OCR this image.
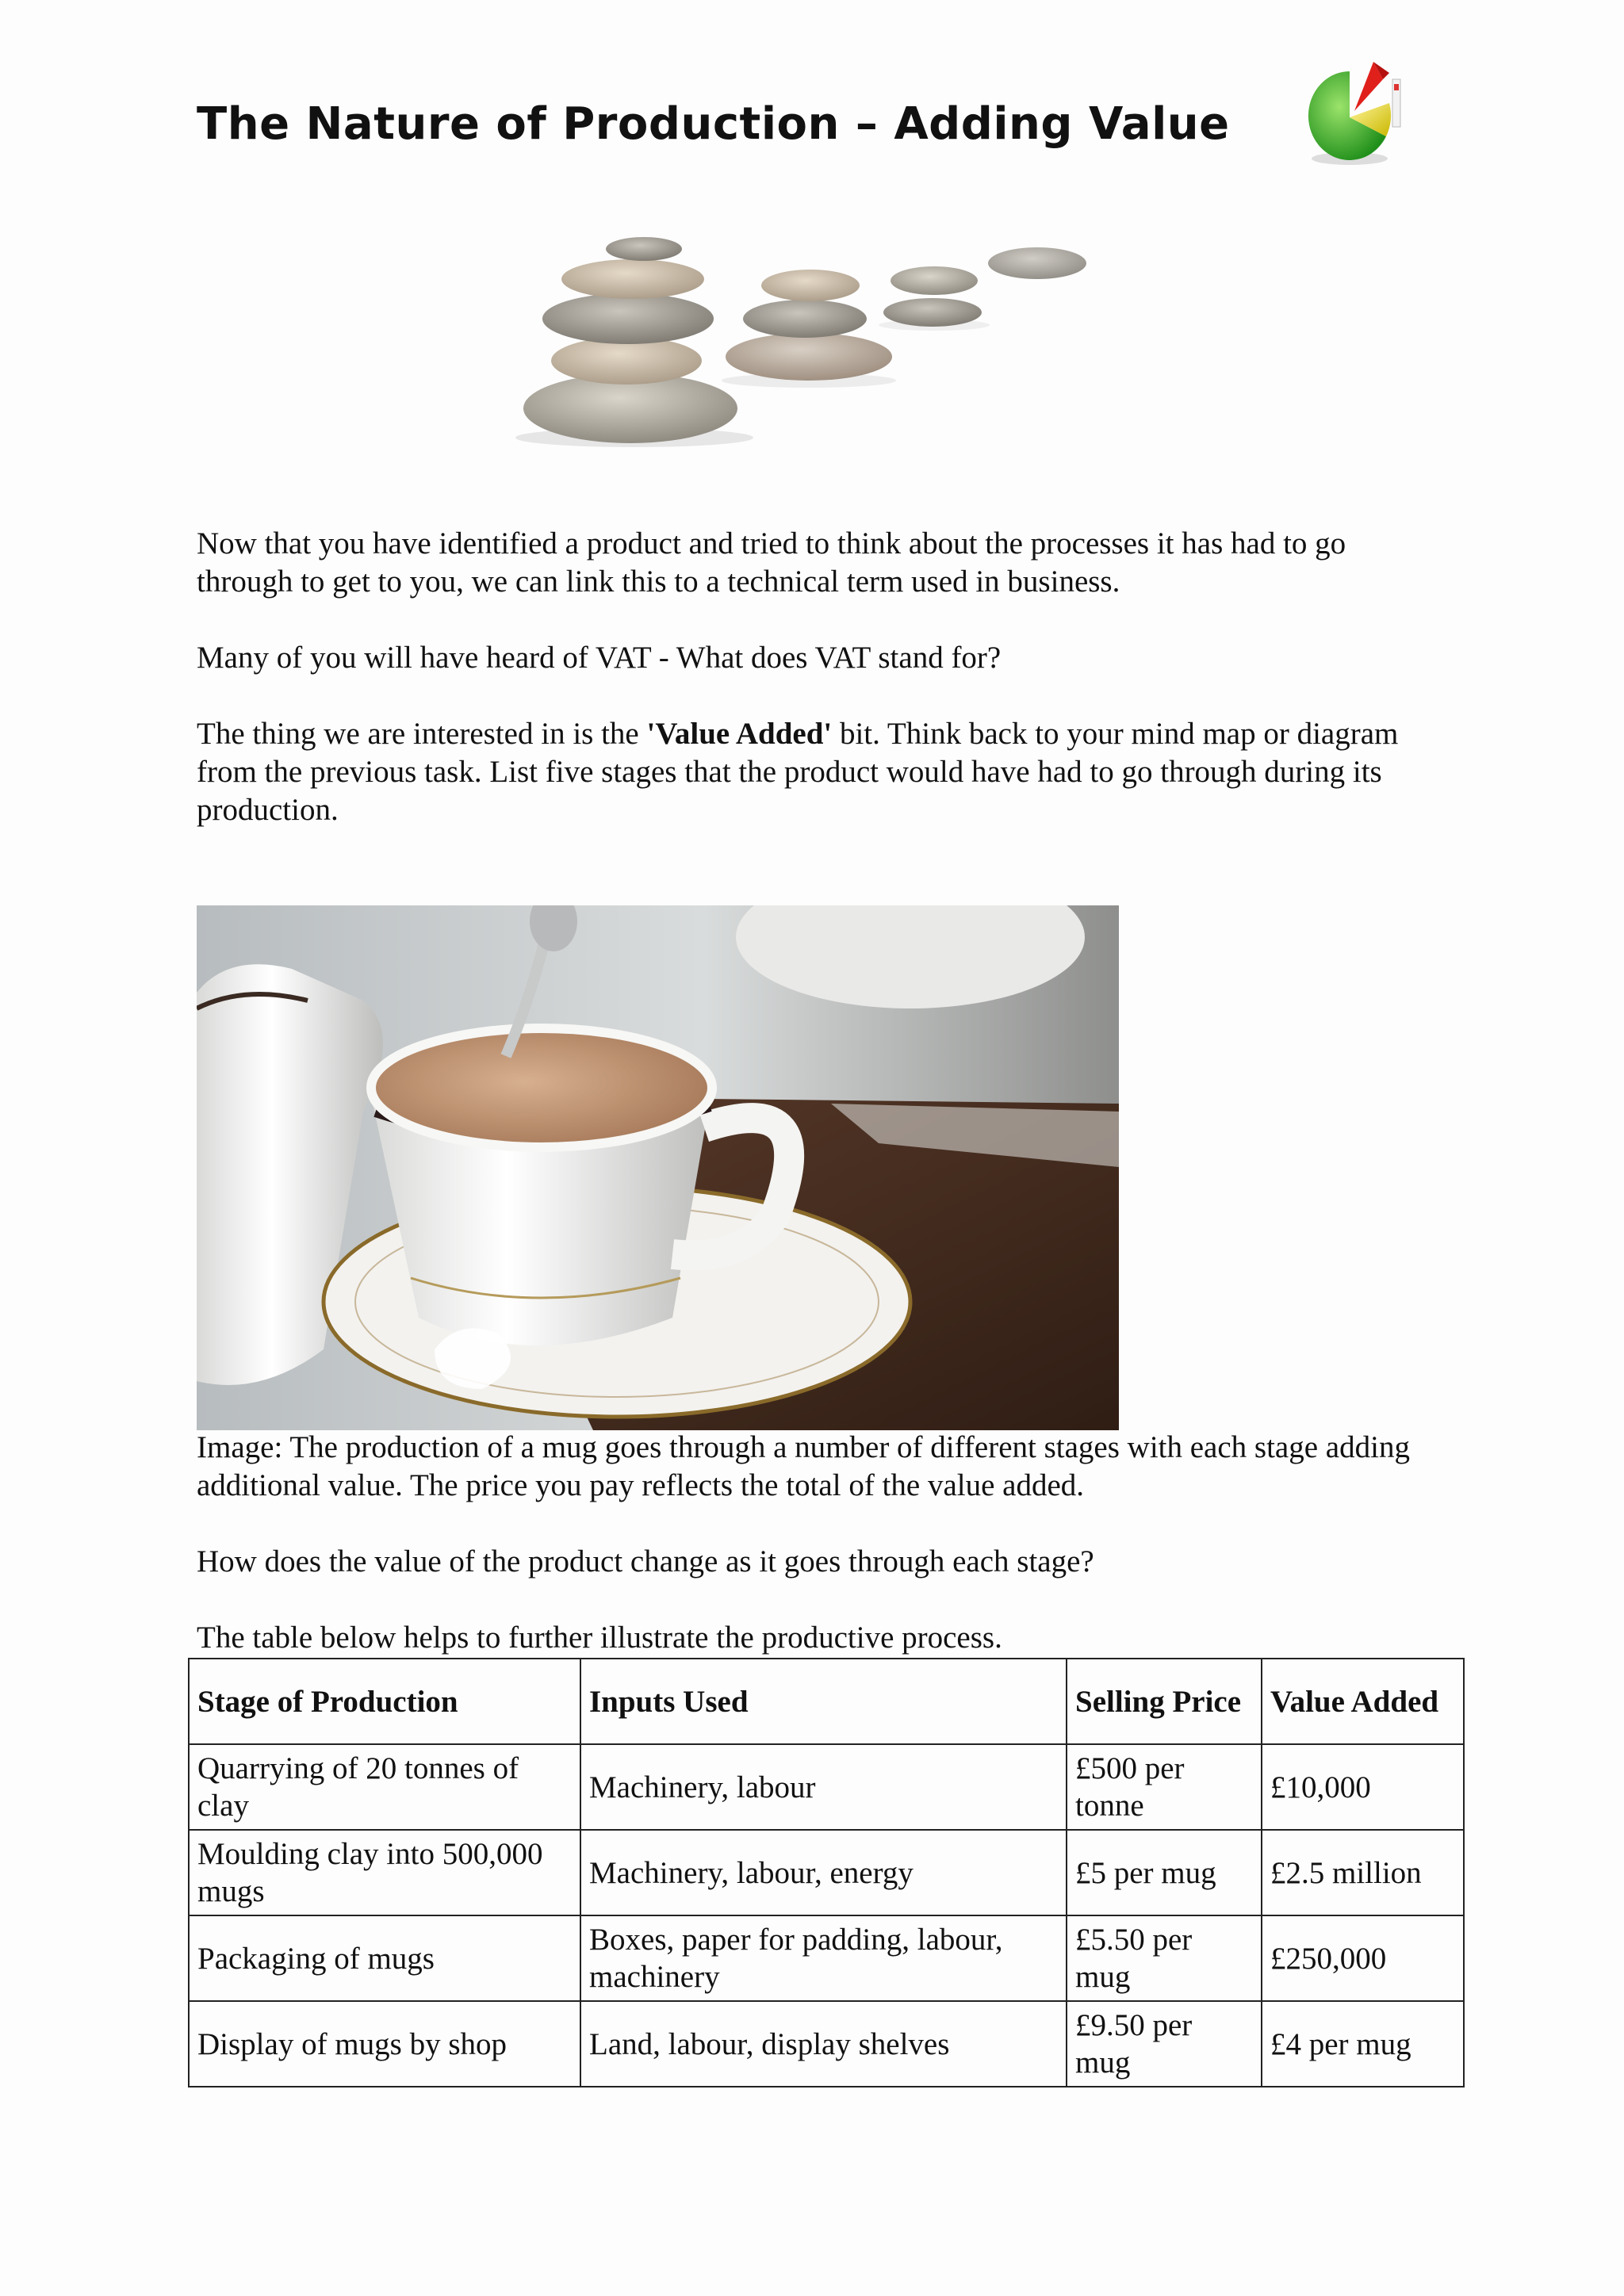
The Nature of Production – Adding Value

Now that you have identified a product and tried to think about the processes it has had to go through to get to you, we can link this to a technical term used in business.

Many of you will have heard of VAT - What does VAT stand for?

The thing we are interested in is the 'Value Added' bit. Think back to your mind map or diagram from the previous task. List five stages that the product would have had to go through during its production.

Image: The production of a mug goes through a number of different stages with each stage adding additional value. The price you pay reflects the total of the value added.

How does the value of the product change as it goes through each stage?

The table below helps to further illustrate the productive process.

Stage of Production	Inputs Used	Selling Price	Value Added
Quarrying of 20 tonnes of clay	Machinery, labour	£500 per tonne	£10,000
Moulding clay into 500,000 mugs	Machinery, labour, energy	£5 per mug	£2.5 million
Packaging of mugs	Boxes, paper for padding, labour, machinery	£5.50 per mug	£250,000
Display of mugs by shop	Land, labour, display shelves	£9.50 per mug	£4 per mug
